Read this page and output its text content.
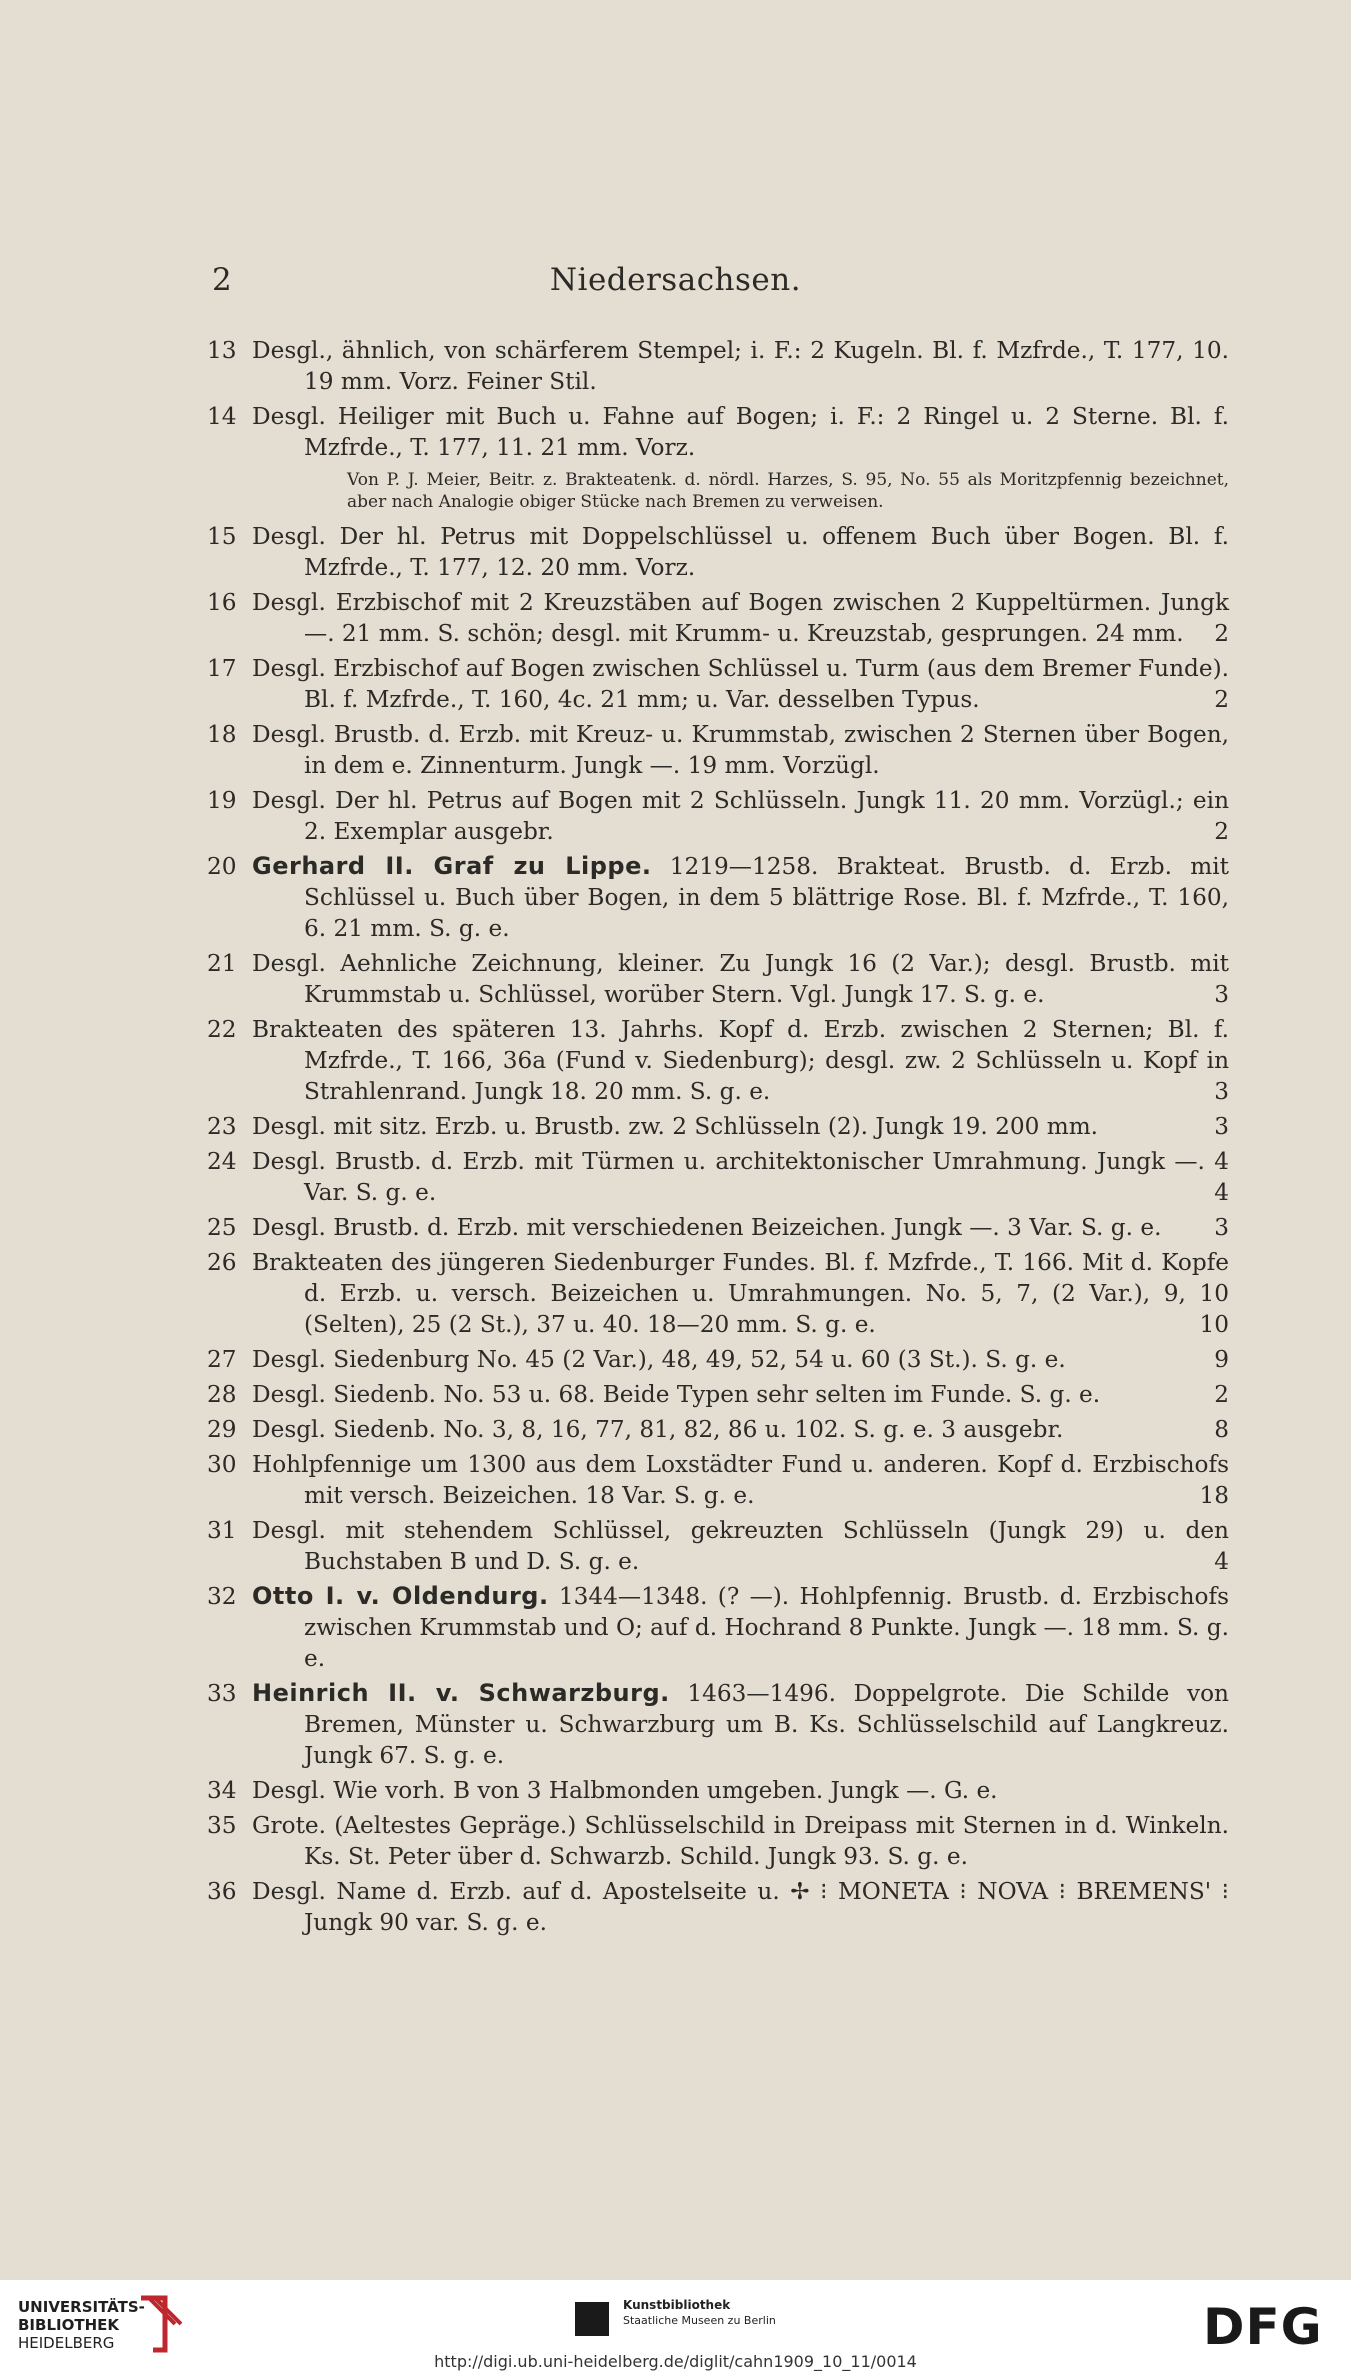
2	Niedersachsen.
13 Desgl., ähnlich, von schärferem Stempel; i. F.: 2 Kugeln. Bl. f. Mzfrde., T. 177, 10. 19 mm. Vorz. Feiner Stil.
14 Desgl. Heiliger mit Buch u. Fahne auf Bogen; i. F.: 2 Ringel u. 2 Sterne. Bl. f. Mzfrde., T. 177, 11. 21 mm. Vorz.
Von P. J. Meier, Beitr. z. Brakteatenk. d. nördl. Harzes, S. 95, No. 55 als Moritzpfennig bezeichnet, aber nach Analogie obiger Stücke nach Bremen zu verweisen.
15 Desgl. Der hl. Petrus mit Doppelschlüssel u. offenem Buch über Bogen. Bl. f. Mzfrde., T. 177, 12. 20 mm. Vorz.
16 Desgl. Erzbischof mit 2 Kreuzstäben auf Bogen zwischen 2 Kuppeltürmen. Jungk —. 21 mm. S. schön; desgl. mit Krumm- u. Kreuzstab, gesprungen. 24 mm.	2
17 Desgl. Erzbischof auf Bogen zwischen Schlüssel u. Turm (aus dem Bremer Funde). Bl. f. Mzfrde., T. 160, 4c. 21 mm; u. Var. desselben Typus.	2
18 Desgl. Brustb. d. Erzb. mit Kreuz- u. Krummstab, zwischen 2 Sternen über Bogen, in dem e. Zinnenturm. Jungk —. 19 mm. Vorzügl.
19 Desgl. Der hl. Petrus auf Bogen mit 2 Schlüsseln. Jungk 11. 20 mm. Vorzügl.; ein 2. Exemplar ausgebr.	2
20 Gerhard II. Graf zu Lippe. 1219—1258. Brakteat. Brustb. d. Erzb. mit Schlüssel u. Buch über Bogen, in dem 5 blättrige Rose. Bl. f. Mzfrde., T. 160, 6. 21 mm. S. g. e.
21 Desgl. Aehnliche Zeichnung, kleiner. Zu Jungk 16 (2 Var.); desgl. Brustb. mit Krummstab u. Schlüssel, worüber Stern. Vgl. Jungk 17. S. g. e.	3
22 Brakteaten des späteren 13. Jahrhs. Kopf d. Erzb. zwischen 2 Sternen; Bl. f. Mzfrde., T. 166, 36a (Fund v. Siedenburg); desgl. zw. 2 Schlüsseln u. Kopf in Strahlenrand. Jungk 18. 20 mm. S. g. e.	3
23 Desgl. mit sitz. Erzb. u. Brustb. zw. 2 Schlüsseln (2). Jungk 19. 200 mm.	3
24 Desgl. Brustb. d. Erzb. mit Türmen u. architektonischer Umrahmung. Jungk —. 4 Var. S. g. e.	4
25 Desgl. Brustb. d. Erzb. mit verschiedenen Beizeichen. Jungk —. 3 Var. S. g. e.	3
26 Brakteaten des jüngeren Siedenburger Fundes. Bl. f. Mzfrde., T. 166. Mit d. Kopfe d. Erzb. u. versch. Beizeichen u. Umrahmungen. No. 5, 7, (2 Var.), 9, 10 (Selten), 25 (2 St.), 37 u. 40. 18—20 mm. S. g. e.	10
27 Desgl. Siedenburg No. 45 (2 Var.), 48, 49, 52, 54 u. 60 (3 St.). S. g. e.	9
28 Desgl. Siedenb. No. 53 u. 68. Beide Typen sehr selten im Funde. S. g. e.	2
29 Desgl. Siedenb. No. 3, 8, 16, 77, 81, 82, 86 u. 102. S. g. e. 3 ausgebr.	8
30 Hohlpfennige um 1300 aus dem Loxstädter Fund u. anderen. Kopf d. Erzbischofs mit versch. Beizeichen. 18 Var. S. g. e.	18
31 Desgl. mit stehendem Schlüssel, gekreuzten Schlüsseln (Jungk 29) u. den Buchstaben B und D. S. g. e.	4
32 Otto I. v. Oldendurg. 1344—1348. (? —). Hohlpfennig. Brustb. d. Erzbischofs zwischen Krummstab und O; auf d. Hochrand 8 Punkte. Jungk —. 18 mm. S. g. e.
33 Heinrich II. v. Schwarzburg. 1463—1496. Doppelgrote. Die Schilde von Bremen, Münster u. Schwarzburg um B. Ks. Schlüsselschild auf Langkreuz. Jungk 67. S. g. e.
34 Desgl. Wie vorh. B von 3 Halbmonden umgeben. Jungk —. G. e.
35 Grote. (Aeltestes Gepräge.) Schlüsselschild in Dreipass mit Sternen in d. Winkeln. Ks. St. Peter über d. Schwarzb. Schild. Jungk 93. S. g. e.
36 Desgl. Name d. Erzb. auf d. Apostelseite u. ✢ ⁝ MONETA ⁝ NOVA ⁝ BREMENS' ⁝ Jungk 90 var. S. g. e.
UNIVERSITÄTS-
BIBLIOTHEK
HEIDELBERG
Kunstbibliothek
Staatliche Museen zu Berlin	DFG
http://digi.ub.uni-heidelberg.de/diglit/cahn1909_10_11/0014
